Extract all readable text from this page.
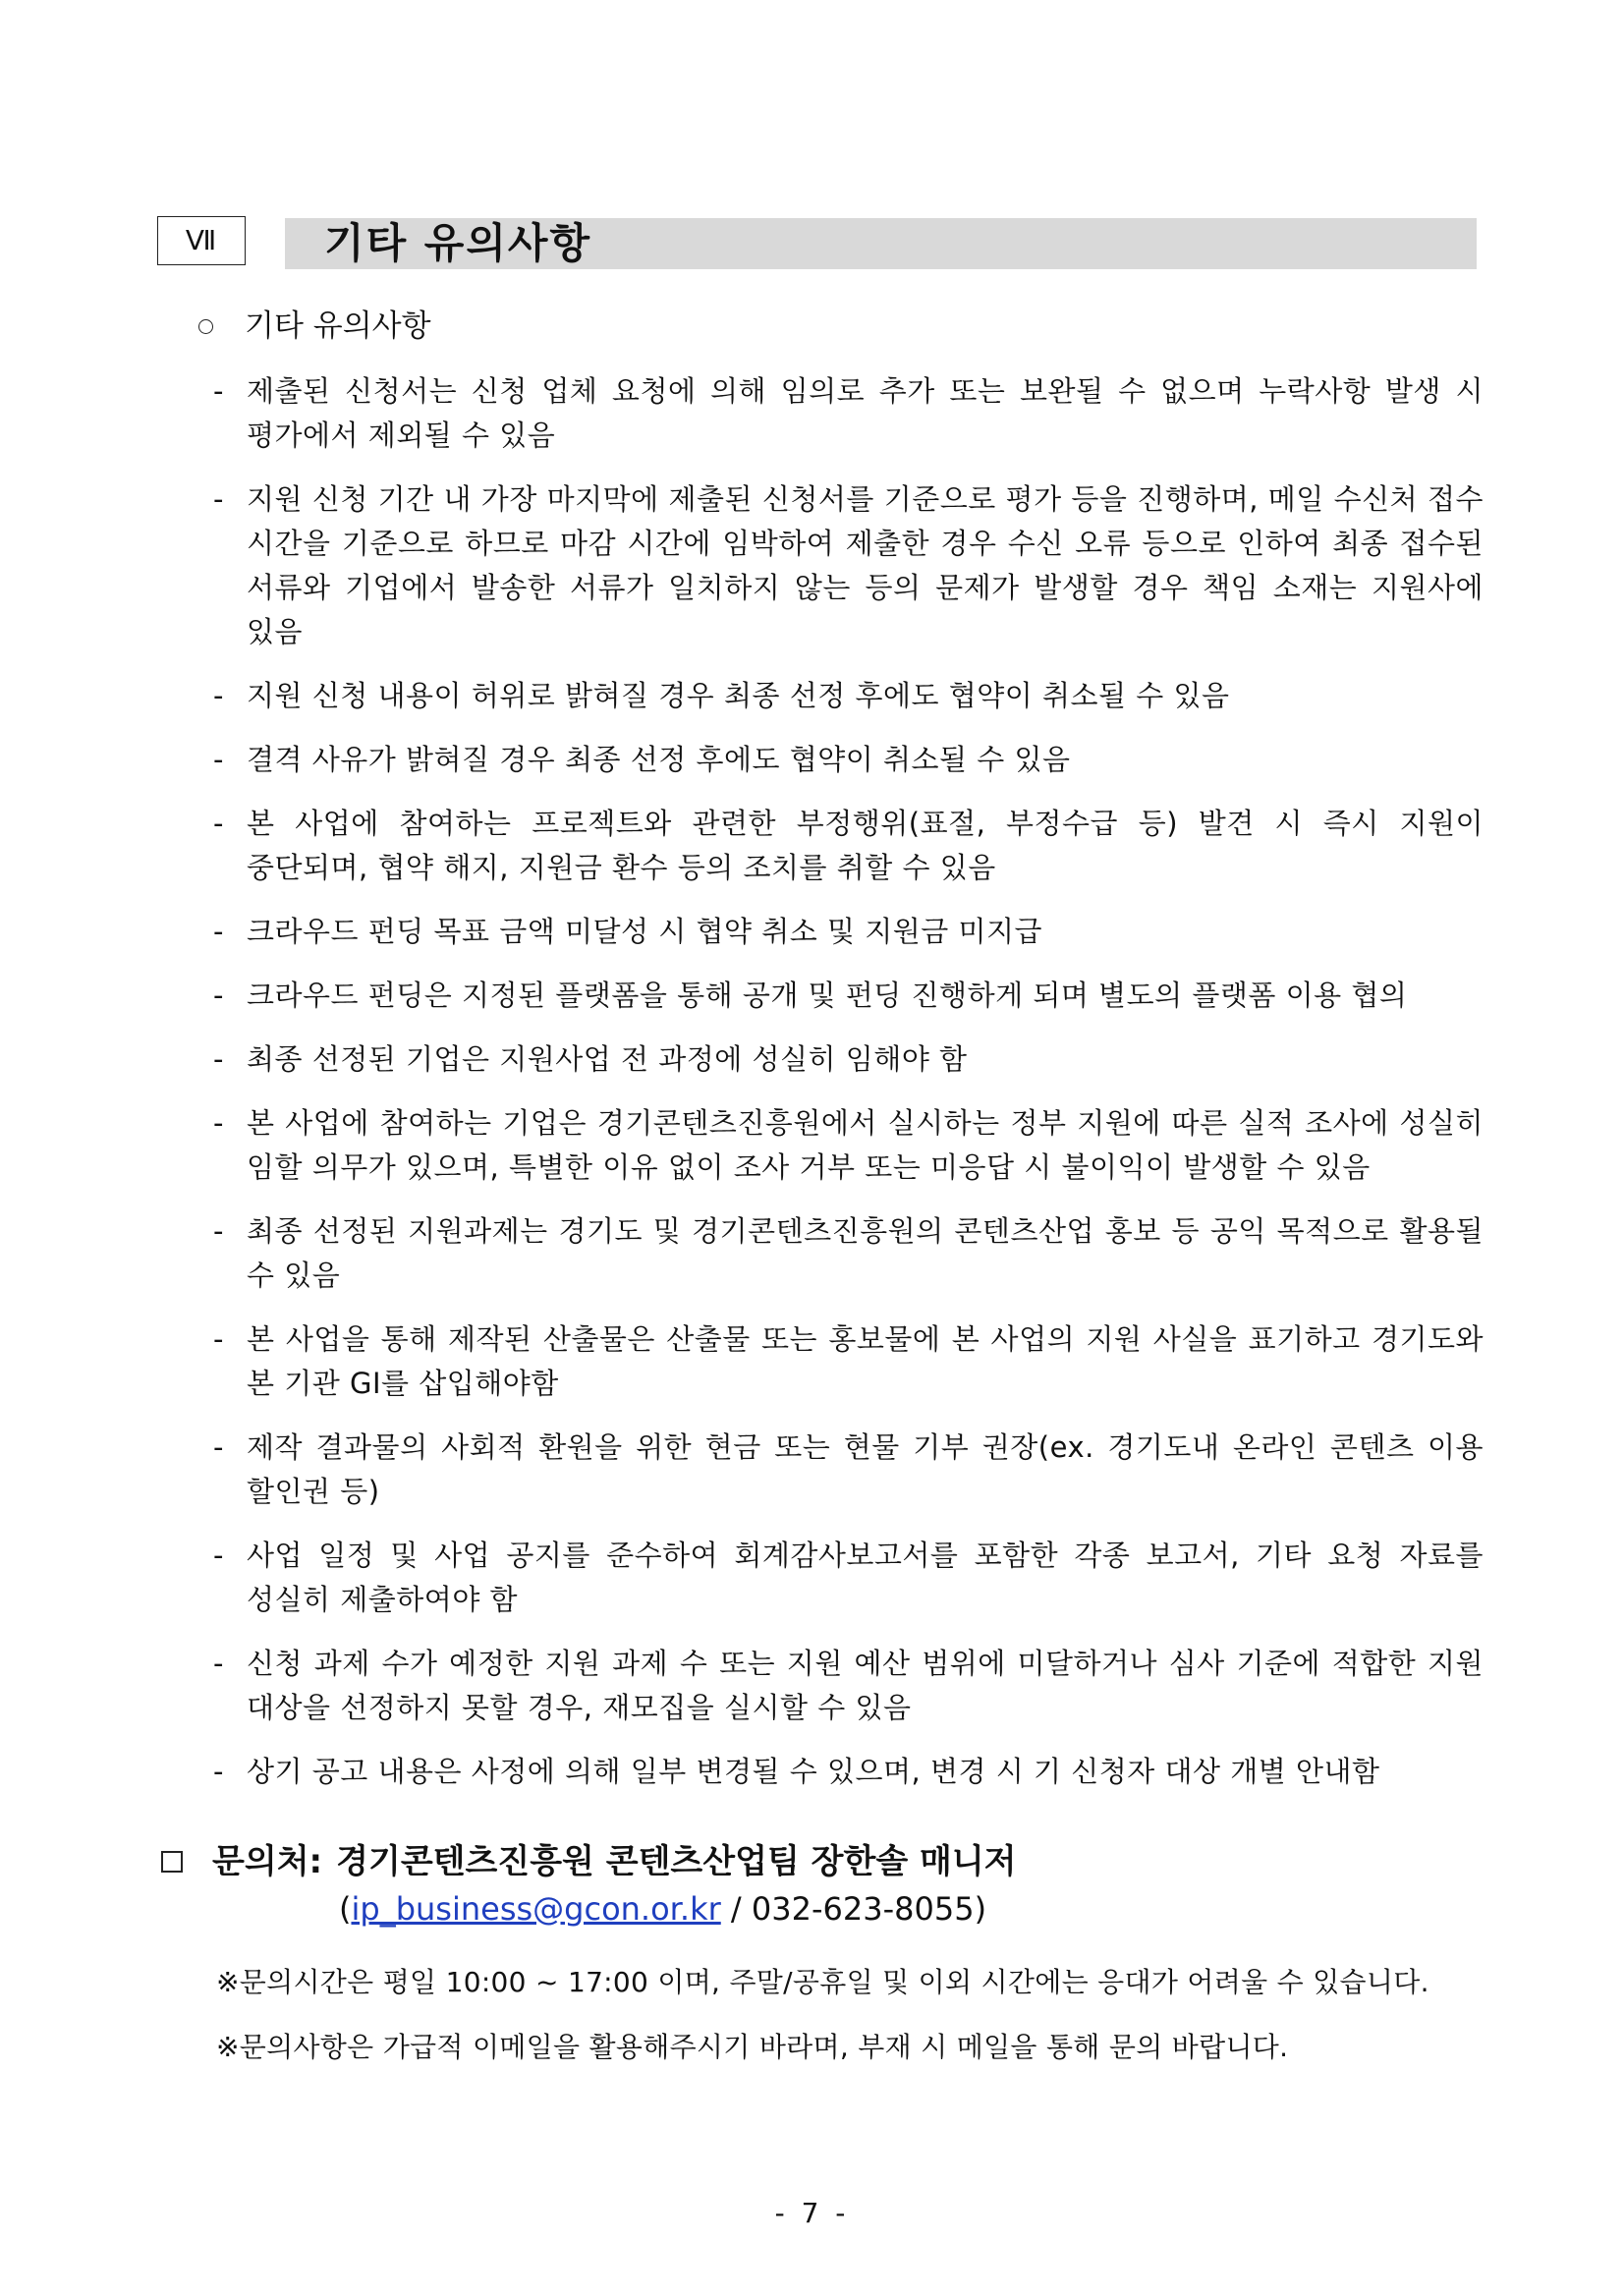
Ⅶ	기타 유의사항
기타 유의사항
- 제출된 신청서는 신청 업체 요청에 의해 임의로 추가 또는 보완될 수 없으며 누락사항 발생 시 평가에서 제외될 수 있음
- 지원 신청 기간 내 가장 마지막에 제출된 신청서를 기준으로 평가 등을 진행하며, 메일 수신처 접수 시간을 기준으로 하므로 마감 시간에 임박하여 제출한 경우 수신 오류 등으로 인하여 최종 접수된 서류와 기업에서 발송한 서류가 일치하지 않는 등의 문제가 발생할 경우 책임 소재는 지원사에 있음
- 지원 신청 내용이 허위로 밝혀질 경우 최종 선정 후에도 협약이 취소될 수 있음
- 결격 사유가 밝혀질 경우 최종 선정 후에도 협약이 취소될 수 있음
- 본 사업에 참여하는 프로젝트와 관련한 부정행위(표절, 부정수급 등) 발견 시 즉시 지원이 중단되며, 협약 해지, 지원금 환수 등의 조치를 취할 수 있음
- 크라우드 펀딩 목표 금액 미달성 시 협약 취소 및 지원금 미지급
- 크라우드 펀딩은 지정된 플랫폼을 통해 공개 및 펀딩 진행하게 되며 별도의 플랫폼 이용 협의
- 최종 선정된 기업은 지원사업 전 과정에 성실히 임해야 함
- 본 사업에 참여하는 기업은 경기콘텐츠진흥원에서 실시하는 정부 지원에 따른 실적 조사에 성실히 임할 의무가 있으며, 특별한 이유 없이 조사 거부 또는 미응답 시 불이익이 발생할 수 있음
- 최종 선정된 지원과제는 경기도 및 경기콘텐츠진흥원의 콘텐츠산업 홍보 등 공익 목적으로 활용될 수 있음
- 본 사업을 통해 제작된 산출물은 산출물 또는 홍보물에 본 사업의 지원 사실을 표기하고 경기도와 본 기관 GI를 삽입해야함
- 제작 결과물의 사회적 환원을 위한 현금 또는 현물 기부 권장(ex. 경기도내 온라인 콘텐츠 이용 할인권 등)
- 사업 일정 및 사업 공지를 준수하여 회계감사보고서를 포함한 각종 보고서, 기타 요청 자료를 성실히 제출하여야 함
- 신청 과제 수가 예정한 지원 과제 수 또는 지원 예산 범위에 미달하거나 심사 기준에 적합한 지원 대상을 선정하지 못할 경우, 재모집을 실시할 수 있음
- 상기 공고 내용은 사정에 의해 일부 변경될 수 있으며, 변경 시 기 신청자 대상 개별 안내함
문의처: 경기콘텐츠진흥원 콘텐츠산업팀 장한솔 매니저
(ip_business@gcon.or.kr / 032-623-8055)
※문의시간은 평일 10:00 ~ 17:00 이며, 주말/공휴일 및 이외 시간에는 응대가 어려울 수 있습니다.
※문의사항은 가급적 이메일을 활용해주시기 바라며, 부재 시 메일을 통해 문의 바랍니다.
- 7 -
